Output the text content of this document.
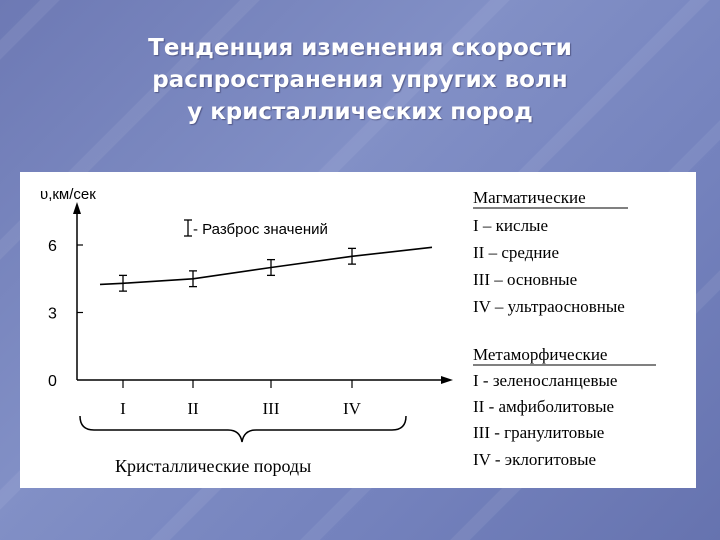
Тенденция изменения скорости
распространения упругих волн
у кристаллических пород
υ,км/сек
0
3
6
I	II	III	IV
- Разброс значений
Кристаллические породы
Магматические
I – кислые
II – средние
III – основные
IV – ультраосновные
Метаморфические
I - зеленосланцевые
II - амфиболитовые
III - гранулитовые
IV - эклогитовые
